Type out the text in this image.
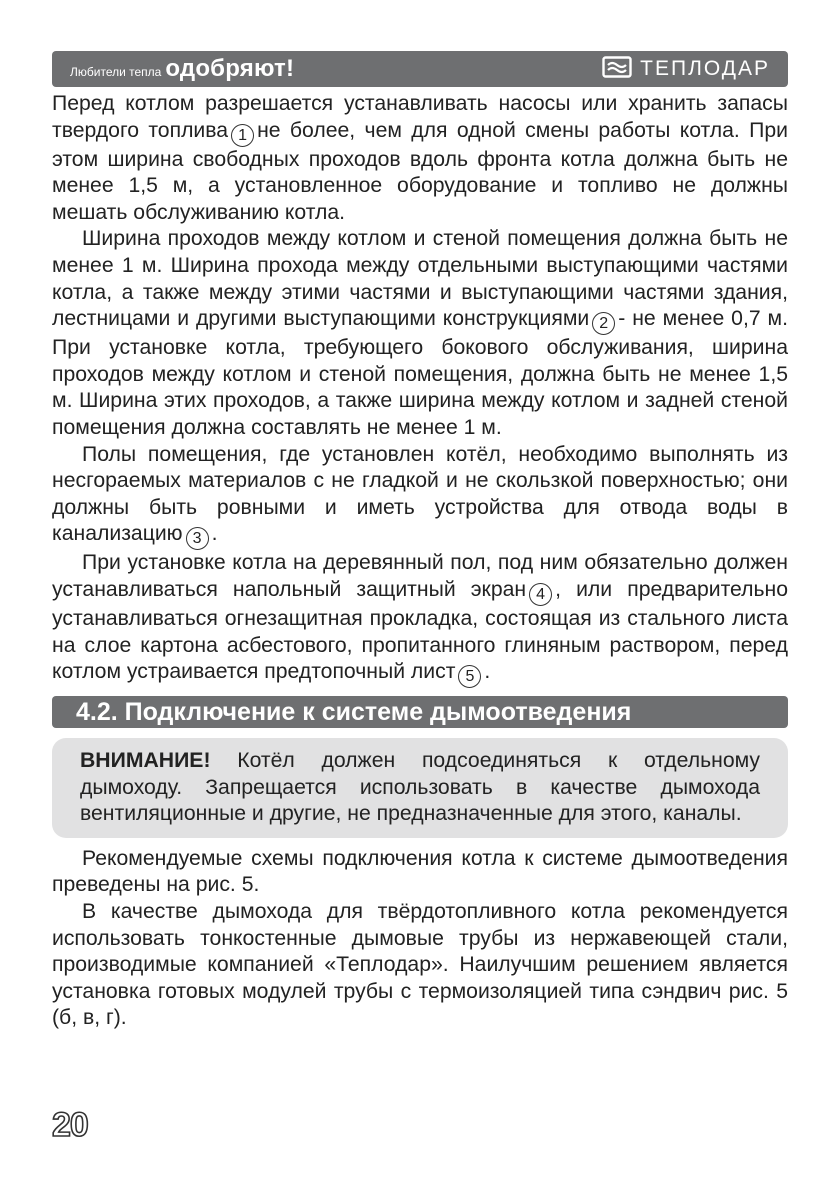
Любители тепла одобряют!	ТЕПЛОДАР

Перед котлом разрешается устанавливать насосы или хранить запасы твердого топлива 1 не более, чем для одной смены работы котла. При этом ширина свободных проходов вдоль фронта котла должна быть не менее 1,5 м, а установленное оборудование и топливо не должны мешать обслуживанию котла.

Ширина проходов между котлом и стеной помещения должна быть не менее 1 м. Ширина прохода между отдельными выступающими частями котла, а также между этими частями и выступающими частями здания, лестницами и другими выступающими конструкциями 2 - не менее 0,7 м. При установке котла, требующего бокового обслуживания, ширина проходов между котлом и стеной помещения, должна быть не менее 1,5 м. Ширина этих проходов, а также ширина между котлом и задней стеной помещения должна составлять не менее 1 м.

Полы помещения, где установлен котёл, необходимо выполнять из несгораемых материалов с не гладкой и не скользкой поверхностью; они должны быть ровными и иметь устройства для отвода воды в канализацию 3 .

При установке котла на деревянный пол, под ним обязательно должен устанавливаться напольный защитный экран 4 , или предварительно устанавливаться огнезащитная прокладка, состоящая из стального листа на слое картона асбестового, пропитанного глиняным раствором, перед котлом устраивается предтопочный лист 5 .

4.2. Подключение к системе дымоотведения

ВНИМАНИЕ! Котёл должен подсоединяться к отдельному дымоходу. Запрещается использовать в качестве дымохода вентиляционные и другие, не предназначенные для этого, каналы.

Рекомендуемые схемы подключения котла к системе дымоотведения преведены на рис. 5.

В качестве дымохода для твёрдотопливного котла рекомендуется использовать тонкостенные дымовые трубы из нержавеющей стали, производимые компанией «Теплодар». Наилучшим решением является установка готовых модулей трубы с термоизоляцией типа сэндвич рис. 5 (б, в, г).

20
